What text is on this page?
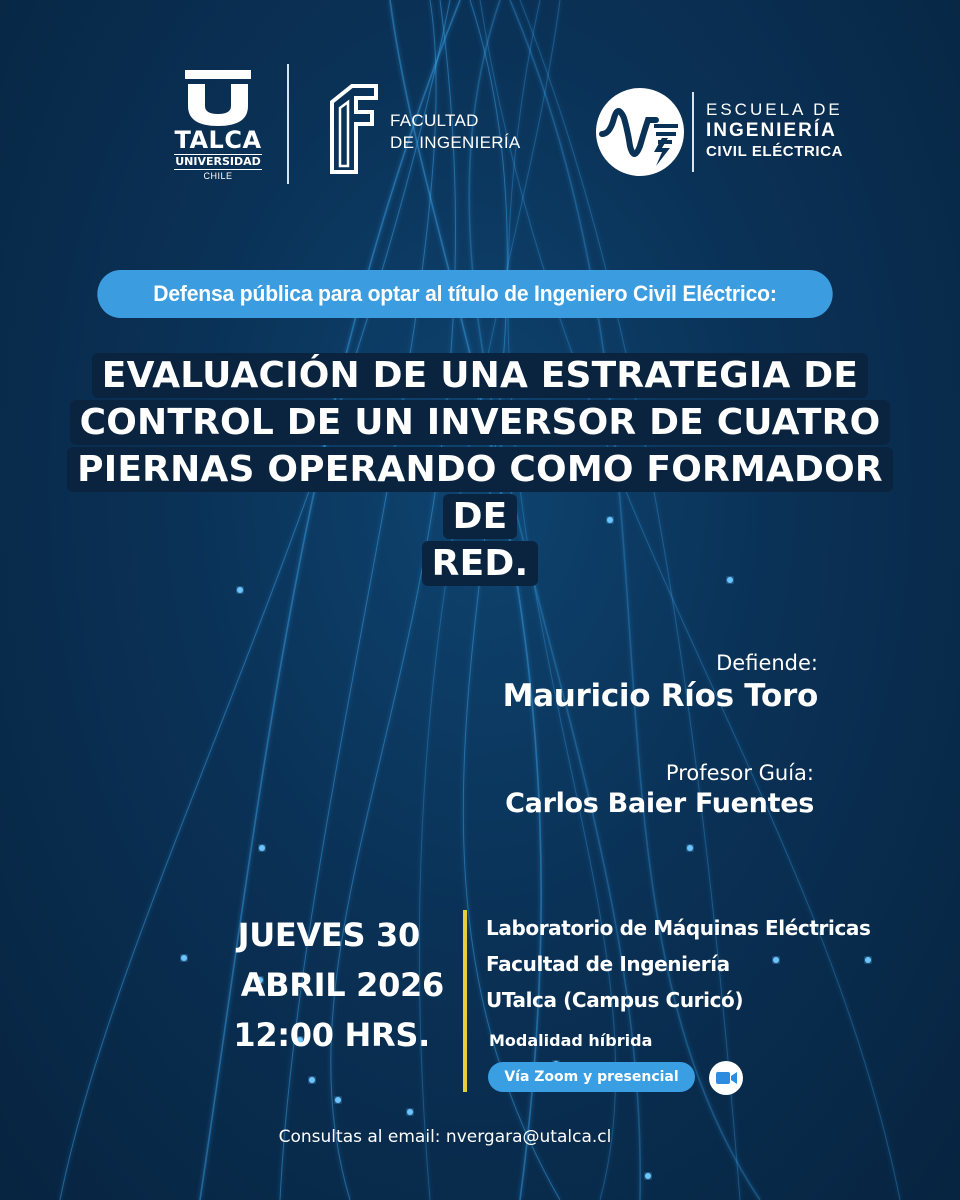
TALCA
UNIVERSIDAD
CHILE
FACULTAD
DE INGENIERÍA
ESCUELA DE
INGENIERÍA
CIVIL ELÉCTRICA
Defensa pública para optar al título de Ingeniero Civil Eléctrico:
EVALUACIÓN DE UNA ESTRATEGIA DE
CONTROL DE UN INVERSOR DE CUATRO
PIERNAS OPERANDO COMO FORMADOR DE
RED.
Defiende:
Mauricio Ríos Toro
Profesor Guía:
Carlos Baier Fuentes
JUEVES 30
ABRIL 2026
12:00 HRS.
Laboratorio de Máquinas Eléctricas
Facultad de Ingeniería
UTalca (Campus Curicó)
Modalidad híbrida
Vía Zoom y presencial
Consultas al email: nvergara@utalca.cl
